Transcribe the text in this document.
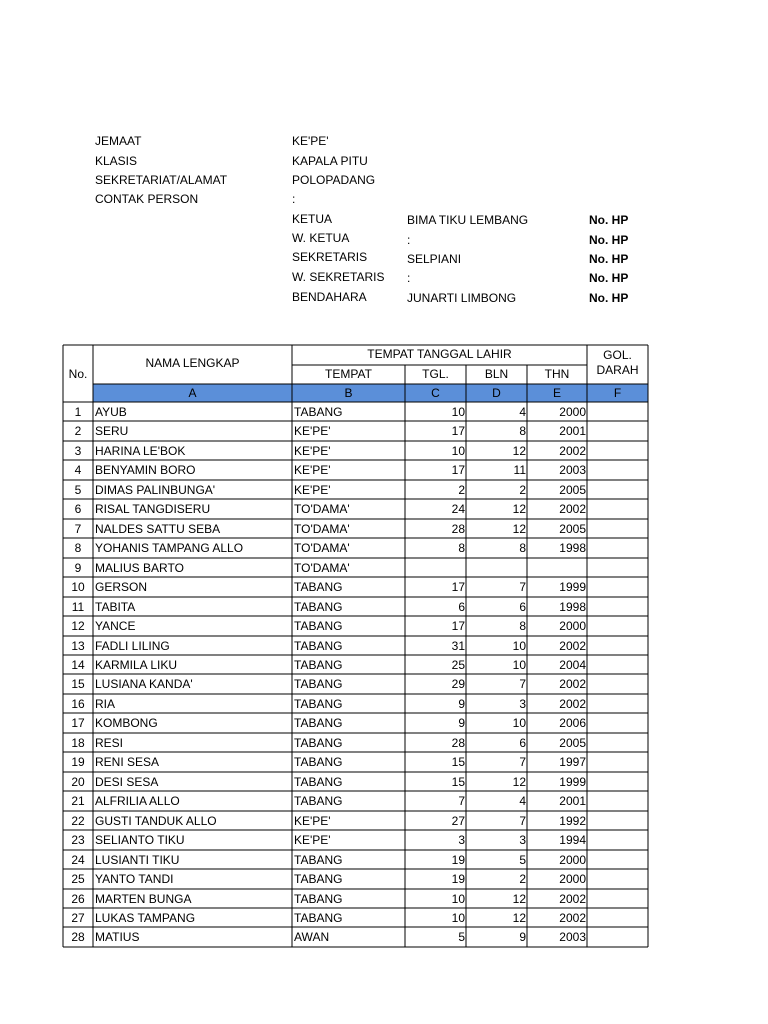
JEMAAT	KE'PE'
KLASIS	KAPALA PITU
SEKRETARIAT/ALAMAT	POLOPADANG
CONTAK PERSON	:
KETUA	BIMA TIKU LEMBANG	No. HP
W. KETUA	:	No. HP
SEKRETARIS	SELPIANI	No. HP
W. SEKRETARIS :	No. HP
BENDAHARA	JUNARTI LIMBONG	No. HP
No.
NAMA LENGKAP
TEMPAT TANGGAL LAHIR
TEMPAT	TGL.	BLN	THN
GOL.
DARAH
A	B	C	D	E	F
1	AYUB	TABANG	10	4	2000
2	SERU	KE'PE'	17	8	2001
3	HARINA LE'BOK	KE'PE'	10	12	2002
4	BENYAMIN BORO	KE'PE'	17	11	2003
5	DIMAS PALINBUNGA'	KE'PE'	2	2	2005
6	RISAL TANGDISERU	TO'DAMA'	24	12	2002
7	NALDES SATTU SEBA	TO'DAMA'	28	12	2005
8	YOHANIS TAMPANG ALLO	TO'DAMA'	8	8	1998
9	MALIUS BARTO	TO'DAMA'
10 GERSON	TABANG	17	7	1999
11 TABITA	TABANG	6	6	1998
12 YANCE	TABANG	17	8	2000
13 FADLI LILING	TABANG	31	10	2002
14 KARMILA LIKU	TABANG	25	10	2004
15 LUSIANA KANDA'	TABANG	29	7	2002
16 RIA	TABANG	9	3	2002
17 KOMBONG	TABANG	9	10	2006
18 RESI	TABANG	28	6	2005
19 RENI SESA	TABANG	15	7	1997
20 DESI SESA	TABANG	15	12	1999
21 ALFRILIA ALLO	TABANG	7	4	2001
22 GUSTI TANDUK ALLO	KE'PE'	27	7	1992
23 SELIANTO TIKU	KE'PE'	3	3	1994
24 LUSIANTI TIKU	TABANG	19	5	2000
25 YANTO TANDI	TABANG	19	2	2000
26 MARTEN BUNGA	TABANG	10	12	2002
27 LUKAS TAMPANG	TABANG	10	12	2002
28 MATIUS	AWAN	5	9	2003
